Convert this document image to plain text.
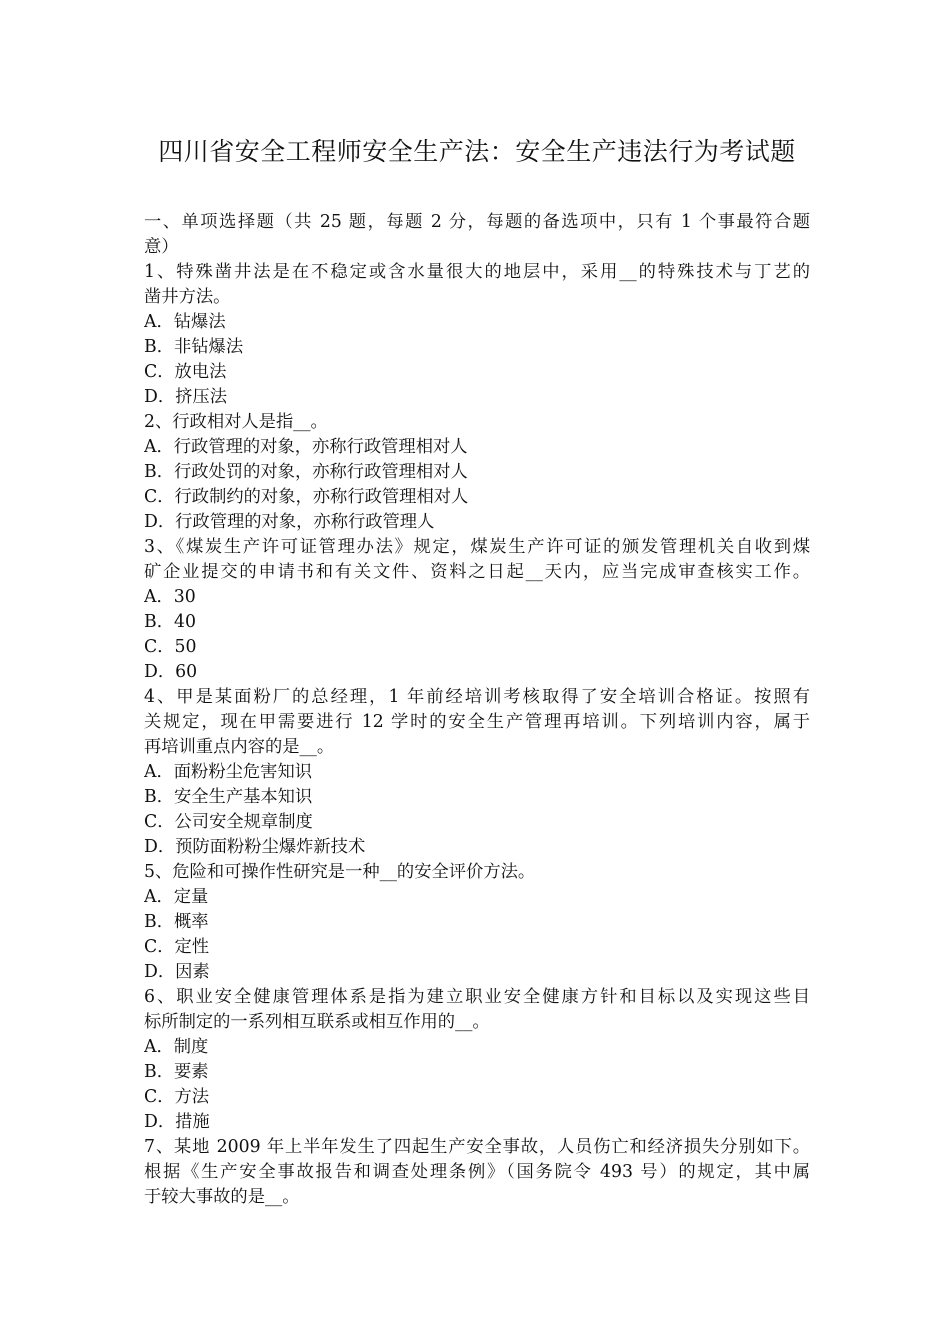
四川省安全工程师安全生产法：安全生产违法行为考试题
一、单项选择题（共 25 题，每题 2 分，每题的备选项中，只有 1 个事最符合题
意）
1、特殊凿井法是在不稳定或含水量很大的地层中，采用__的特殊技术与丁艺的
凿井方法。
A．钻爆法
B．非钻爆法
C．放电法
D．挤压法
2、行政相对人是指__。
A．行政管理的对象，亦称行政管理相对人
B．行政处罚的对象，亦称行政管理相对人
C．行政制约的对象，亦称行政管理相对人
D．行政管理的对象，亦称行政管理人
3、《煤炭生产许可证管理办法》规定，煤炭生产许可证的颁发管理机关自收到煤
矿企业提交的申请书和有关文件、资料之日起__天内，应当完成审查核实工作。
A．30
B．40
C．50
D．60
4、甲是某面粉厂的总经理，1 年前经培训考核取得了安全培训合格证。按照有
关规定，现在甲需要进行 12 学时的安全生产管理再培训。下列培训内容，属于
再培训重点内容的是__。
A．面粉粉尘危害知识
B．安全生产基本知识
C．公司安全规章制度
D．预防面粉粉尘爆炸新技术
5、危险和可操作性研究是一种__的安全评价方法。
A．定量
B．概率
C．定性
D．因素
6、职业安全健康管理体系是指为建立职业安全健康方针和目标以及实现这些目
标所制定的一系列相互联系或相互作用的__。
A．制度
B．要素
C．方法
D．措施
7、某地 2009 年上半年发生了四起生产安全事故，人员伤亡和经济损失分别如下。
根据《生产安全事故报告和调查处理条例》（国务院令 493 号）的规定，其中属
于较大事故的是__。
